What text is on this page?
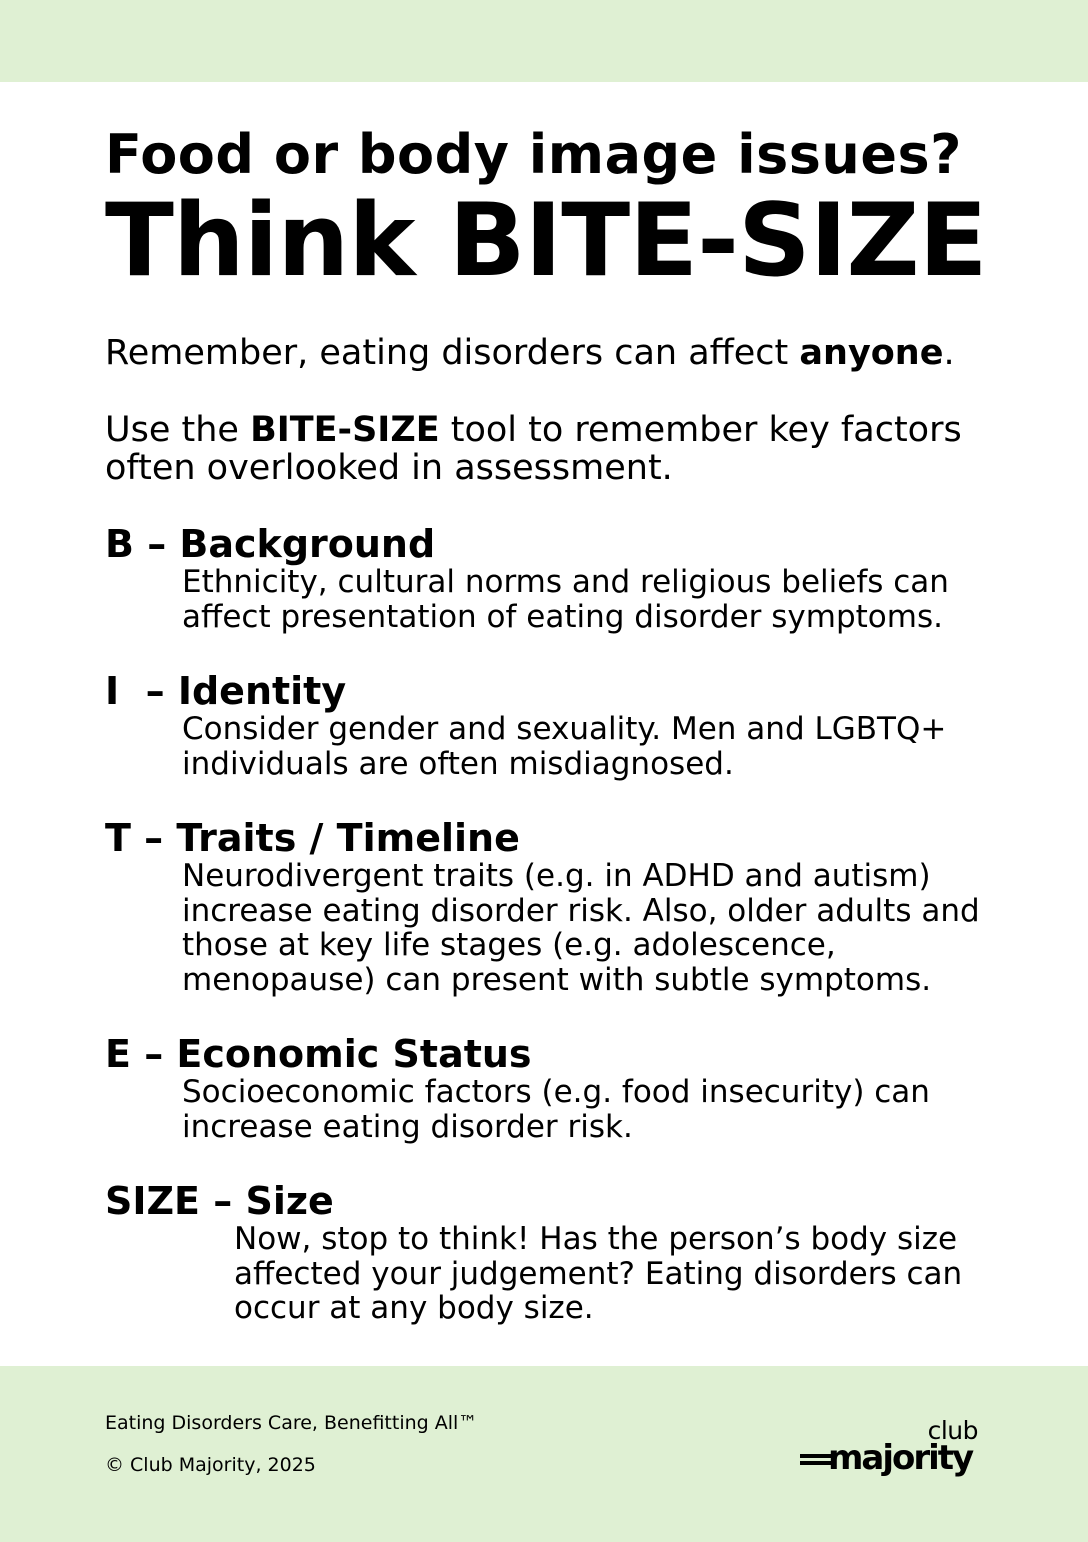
Food or body image issues?
Think BITE-SIZE

Remember, eating disorders can affect anyone.

Use the BITE-SIZE tool to remember key factors often overlooked in assessment.

B – Background

Ethnicity, cultural norms and religious beliefs can affect presentation of eating disorder symptoms.

I  – Identity

Consider gender and sexuality. Men and LGBTQ+ individuals are often misdiagnosed.

T – Traits / Timeline

Neurodivergent traits (e.g. in ADHD and autism) increase eating disorder risk. Also, older adults and those at key life stages (e.g. adolescence, menopause) can present with subtle symptoms.

E – Economic Status

Socioeconomic factors (e.g. food insecurity) can increase eating disorder risk.

SIZE – Size

Now, stop to think! Has the person’s body size affected your judgement? Eating disorders can occur at any body size.

Eating Disorders Care, Benefitting All™
© Club Majority, 2025
club
majority
